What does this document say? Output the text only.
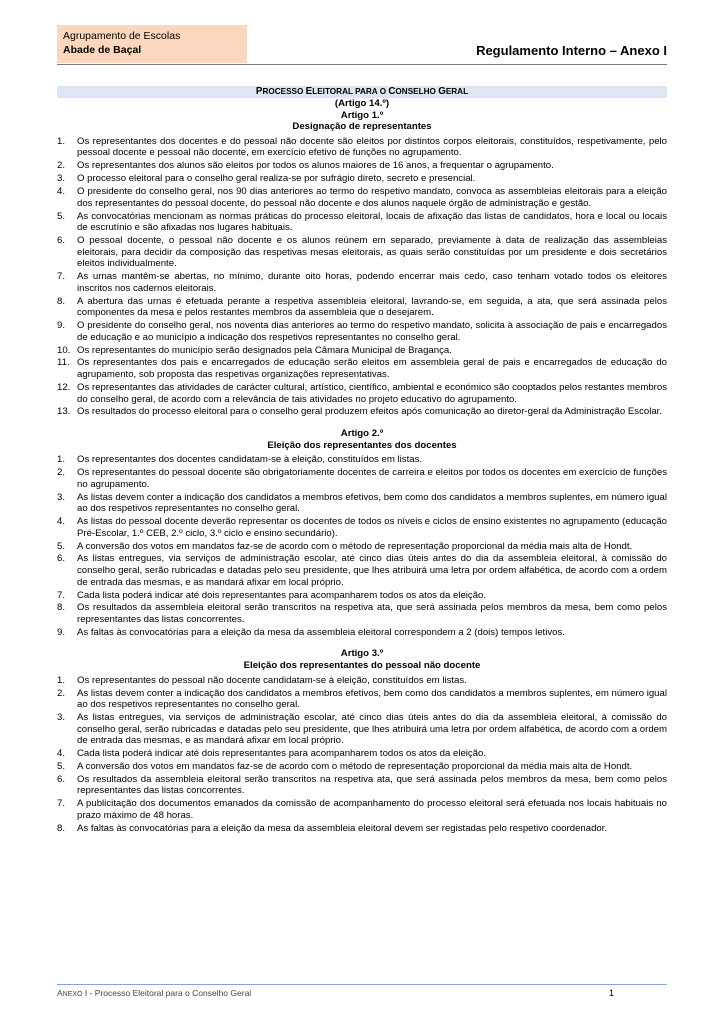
Agrupamento de Escolas
Abade de Baçal	Regulamento Interno – Anexo I
PROCESSO ELEITORAL PARA O CONSELHO GERAL
(Artigo 14.º)
Artigo 1.º
Designação de representantes
1.	Os representantes dos docentes e do pessoal não docente são eleitos por distintos corpos eleitorais, constituídos, respetivamente, pelo pessoal docente e pessoal não docente, em exercício efetivo de funções no agrupamento.
2.	Os representantes dos alunos são eleitos por todos os alunos maiores de 16 anos, a frequentar o agrupamento.
3.	O processo eleitoral para o conselho geral realiza-se por sufrágio direto, secreto e presencial.
4.	O presidente do conselho geral, nos 90 dias anteriores ao termo do respetivo mandato, convoca as assembleias eleitorais para a eleição dos representantes do pessoal docente, do pessoal não docente e dos alunos naquele órgão de administração e gestão.
5.	As convocatórias mencionam as normas práticas do processo eleitoral, locais de afixação das listas de candidatos, hora e local ou locais de escrutínio e são afixadas nos lugares habituais.
6.	O pessoal docente, o pessoal não docente e os alunos reúnem em separado, previamente à data de realização das assembleias eleitorais, para decidir da composição das respetivas mesas eleitorais, as quais serão constituídas por um presidente e dois secretários eleitos individualmente.
7.	As urnas mantêm-se abertas, no mínimo, durante oito horas, podendo encerrar mais cedo, caso tenham votado todos os eleitores inscritos nos cadernos eleitorais.
8.	A abertura das urnas é efetuada perante a respetiva assembleia eleitoral, lavrando-se, em seguida, a ata, que será assinada pelos componentes da mesa e pelos restantes membros da assembleia que o desejarem.
9.	O presidente do conselho geral, nos noventa dias anteriores ao termo do respetivo mandato, solicita à associação de pais e encarregados de educação e ao município a indicação dos respetivos representantes no conselho geral.
10. Os representantes do município serão designados pela Câmara Municipal de Bragança.
11. Os representantes dos pais e encarregados de educação serão eleitos em assembleia geral de pais e encarregados de educação do agrupamento, sob proposta das respetivas organizações representativas.
12. Os representantes das atividades de carácter cultural, artístico, científico, ambiental e económico são cooptados pelos restantes membros do conselho geral, de acordo com a relevância de tais atividades no projeto educativo do agrupamento.
13. Os resultados do processo eleitoral para o conselho geral produzem efeitos após comunicação ao diretor-geral da Administração Escolar.
Artigo 2.º
Eleição dos representantes dos docentes
1.	Os representantes dos docentes candidatam-se à eleição, constituídos em listas.
2.	Os representantes do pessoal docente são obrigatoriamente docentes de carreira e eleitos por todos os docentes em exercício de funções no agrupamento.
3.	As listas devem conter a indicação dos candidatos a membros efetivos, bem como dos candidatos a membros suplentes, em número igual ao dos respetivos representantes no conselho geral.
4.	As listas do pessoal docente deverão representar os docentes de todos os níveis e ciclos de ensino existentes no agrupamento (educação Pré-Escolar, 1.º CEB, 2.º ciclo, 3.º ciclo e ensino secundário).
5.	A conversão dos votos em mandatos faz-se de acordo com o método de representação proporcional da média mais alta de Hondt.
6.	As listas entregues, via serviços de administração escolar, até cinco dias úteis antes do dia da assembleia eleitoral, à comissão do conselho geral, serão rubricadas e datadas pelo seu presidente, que lhes atribuirá uma letra por ordem alfabética, de acordo com a ordem de entrada das mesmas, e as mandará afixar em local próprio.
7.	Cada lista poderá indicar até dois representantes para acompanharem todos os atos da eleição.
8.	Os resultados da assembleia eleitoral serão transcritos na respetiva ata, que será assinada pelos membros da mesa, bem como pelos representantes das listas concorrentes.
9.	As faltas às convocatórias para a eleição da mesa da assembleia eleitoral correspondem a 2 (dois) tempos letivos.
Artigo 3.º
Eleição dos representantes do pessoal não docente
1.	Os representantes do pessoal não docente candidatam-se à eleição, constituídos em listas.
2.	As listas devem conter a indicação dos candidatos a membros efetivos, bem como dos candidatos a membros suplentes, em número igual ao dos respetivos representantes no conselho geral.
3.	As listas entregues, via serviços de administração escolar, até cinco dias úteis antes do dia da assembleia eleitoral, à comissão do conselho geral, serão rubricadas e datadas pelo seu presidente, que lhes atribuirá uma letra por ordem alfabética, de acordo com a ordem de entrada das mesmas, e as mandará afixar em local próprio.
4.	Cada lista poderá indicar até dois representantes para acompanharem todos os atos da eleição.
5.	A conversão dos votos em mandatos faz-se de acordo com o método de representação proporcional da média mais alta de Hondt.
6.	Os resultados da assembleia eleitoral serão transcritos na respetiva ata, que será assinada pelos membros da mesa, bem como pelos representantes das listas concorrentes.
7.	A publicitação dos documentos emanados da comissão de acompanhamento do processo eleitoral será efetuada nos locais habituais no prazo máximo de 48 horas.
8.	As faltas às convocatórias para a eleição da mesa da assembleia eleitoral devem ser registadas pelo respetivo coordenador.
ANEXO I - Processo Eleitoral para o Conselho Geral	1
